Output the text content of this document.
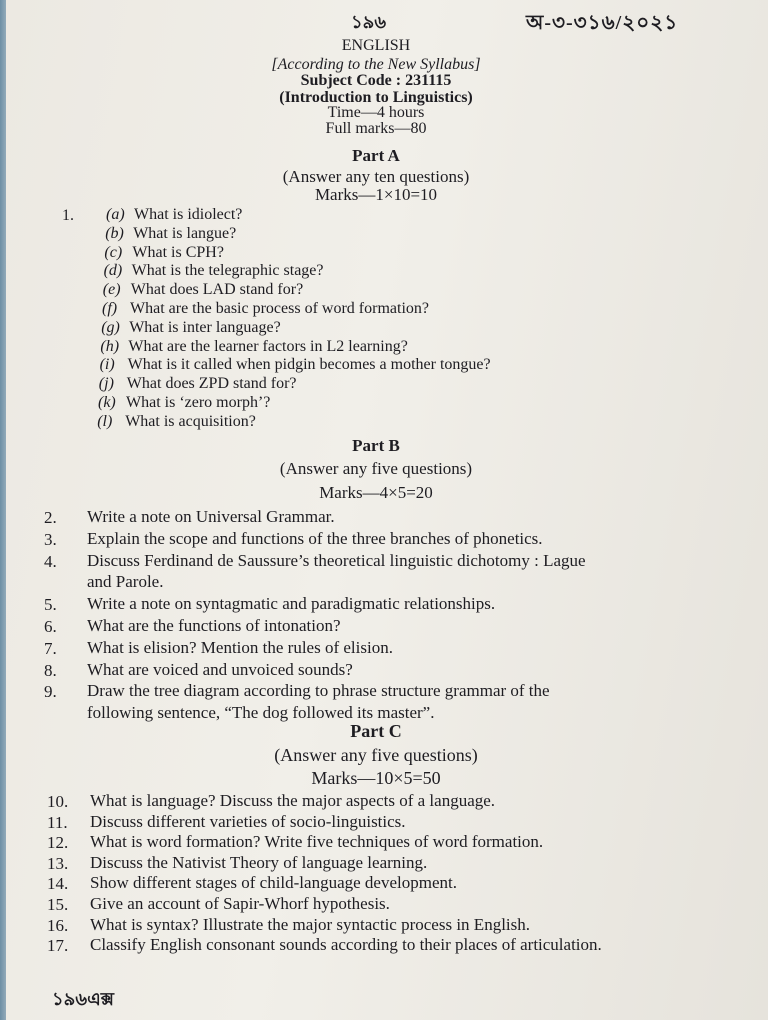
১৯৬	অ-৩-৩১৬/২০২১
ENGLISH
[According to the New Syllabus]
Subject Code : 231115
(Introduction to Linguistics)
Time—4 hours
Full marks—80
Part A
(Answer any ten questions)
Marks—1×10=10
1. (a) What is idiolect?
(b) What is langue?
(c) What is CPH?
(d) What is the telegraphic stage?
(e) What does LAD stand for?
(f) What are the basic process of word formation?
(g) What is inter language?
(h) What are the learner factors in L2 learning?
(i) What is it called when pidgin becomes a mother tongue?
(j) What does ZPD stand for?
(k) What is ‘zero morph’?
(l) What is acquisition?
Part B
(Answer any five questions)
Marks—4×5=20
2. Write a note on Universal Grammar.
3. Explain the scope and functions of the three branches of phonetics.
4. Discuss Ferdinand de Saussure’s theoretical linguistic dichotomy : Lague
and Parole.
5. Write a note on syntagmatic and paradigmatic relationships.
6. What are the functions of intonation?
7. What is elision? Mention the rules of elision.
8. What are voiced and unvoiced sounds?
9. Draw the tree diagram according to phrase structure grammar of the
following sentence, “The dog followed its master”.
Part C
(Answer any five questions)
Marks—10×5=50
10. What is language? Discuss the major aspects of a language.
11. Discuss different varieties of socio-linguistics.
12. What is word formation? Write five techniques of word formation.
13. Discuss the Nativist Theory of language learning.
14. Show different stages of child-language development.
15. Give an account of Sapir-Whorf hypothesis.
16. What is syntax? Illustrate the major syntactic process in English.
17. Classify English consonant sounds according to their places of articulation.
১৯৬এক্স
